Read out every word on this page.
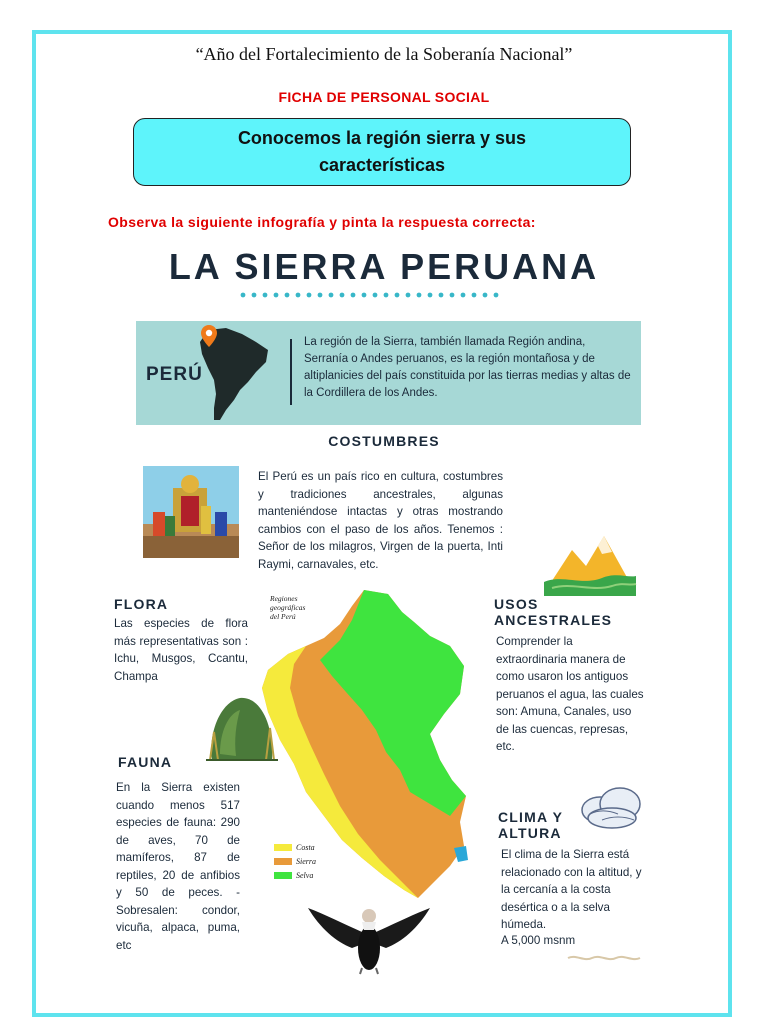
“Año del Fortalecimiento de la Soberanía Nacional”
FICHA DE PERSONAL SOCIAL
Conocemos la región sierra y sus características
Observa la siguiente infografía y pinta la respuesta correcta:
LA SIERRA PERUANA
PERÚ
La región de la Sierra, también llamada Región andina, Serranía o Andes peruanos, es la región montañosa y de altiplanicies del país constituida por las tierras medias y altas de la Cordillera de los Andes.
COSTUMBRES
El Perú es un país rico en cultura, costumbres y tradiciones ancestrales, algunas manteniéndose intactas y otras mostrando cambios con el paso de los años. Tenemos : Señor de los milagros, Virgen de la puerta, Inti Raymi, carnavales, etc.
FLORA
Las especies de flora más representativas son : Ichu, Musgos, Ccantu, Champa
Regiones
geográficas
del Perú
Costa
Sierra
Selva
FAUNA
En la Sierra existen cuando menos 517 especies de fauna: 290 de aves, 70 de mamíferos, 87 de reptiles, 20 de anfibios y 50 de peces. -Sobresalen: condor, vicuña, alpaca, puma, etc
USOS
ANCESTRALES
Comprender la extraordinaria manera de como usaron los antiguos peruanos el agua, las cuales son: Amuna, Canales, uso de las cuencas, represas, etc.
CLIMA Y
ALTURA
El clima de la Sierra está relacionado con la altitud, y la cercanía a la costa desértica o a la selva húmeda.
A 5,000 msnm
